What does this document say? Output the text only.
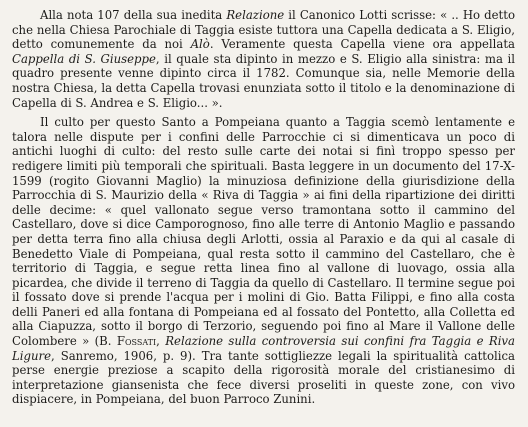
Alla nota 107 della sua inedita Relazione il Canonico Lotti scrisse: « .. Ho detto che nella Chiesa Parochiale di Taggia esiste tuttora una Capella dedicata a S. Eligio, detto comunemente da noi Alò. Veramente questa Capella viene ora appellata Cappella di S. Giuseppe, il quale sta dipinto in mezzo e S. Eligio alla sinistra: ma il quadro presente venne dipinto circa il 1782. Comunque sia, nelle Memorie della nostra Chiesa, la detta Capella trovasi enunziata sotto il titolo e la denominazione di Capella di S. Andrea e S. Eligio... ».

Il culto per questo Santo a Pompeiana quanto a Taggia scemò lentamente e talora nelle dispute per i confini delle Parrocchie ci si dimenticava un poco di antichi luoghi di culto: del resto sulle carte dei notai si finì troppo spesso per redigere limiti più temporali che spirituali. Basta leggere in un documento del 17-X-1599 (rogito Giovanni Maglio) la minuziosa definizione della giurisdizione della Parrocchia di S. Maurizio della « Riva di Taggia » ai fini della ripartizione dei diritti delle decime: « quel vallonato segue verso tramontana sotto il cammino del Castellaro, dove si dice Camporognoso, fino alle terre di Antonio Maglio e passando per detta terra fino alla chiusa degli Arlotti, ossia al Paraxio e da qui al casale di Benedetto Viale di Pompeiana, qual resta sotto il cammino del Castellaro, che è territorio di Taggia, e segue retta linea fino al vallone di luovago, ossia alla picardea, che divide il terreno di Taggia da quello di Castellaro. Il termine segue poi il fossato dove si prende l'acqua per i molini di Gio. Batta Filippi, e fino alla costa delli Paneri ed alla fontana di Pompeiana ed al fossato del Pontetto, alla Colletta ed alla Ciapuzza, sotto il borgo di Terzorio, seguendo poi fino al Mare il Vallone delle Colombere » (B. Fossati, Relazione sulla controversia sui confini fra Taggia e Riva Ligure, Sanremo, 1906, p. 9). Tra tante sottigliezze legali la spiritualità cattolica perse energie preziose a scapito della rigorosità morale del cristianesimo di interpretazione giansenista che fece diversi proseliti in queste zone, con vivo dispiacere, in Pompeiana, del buon Parroco Zunini.
